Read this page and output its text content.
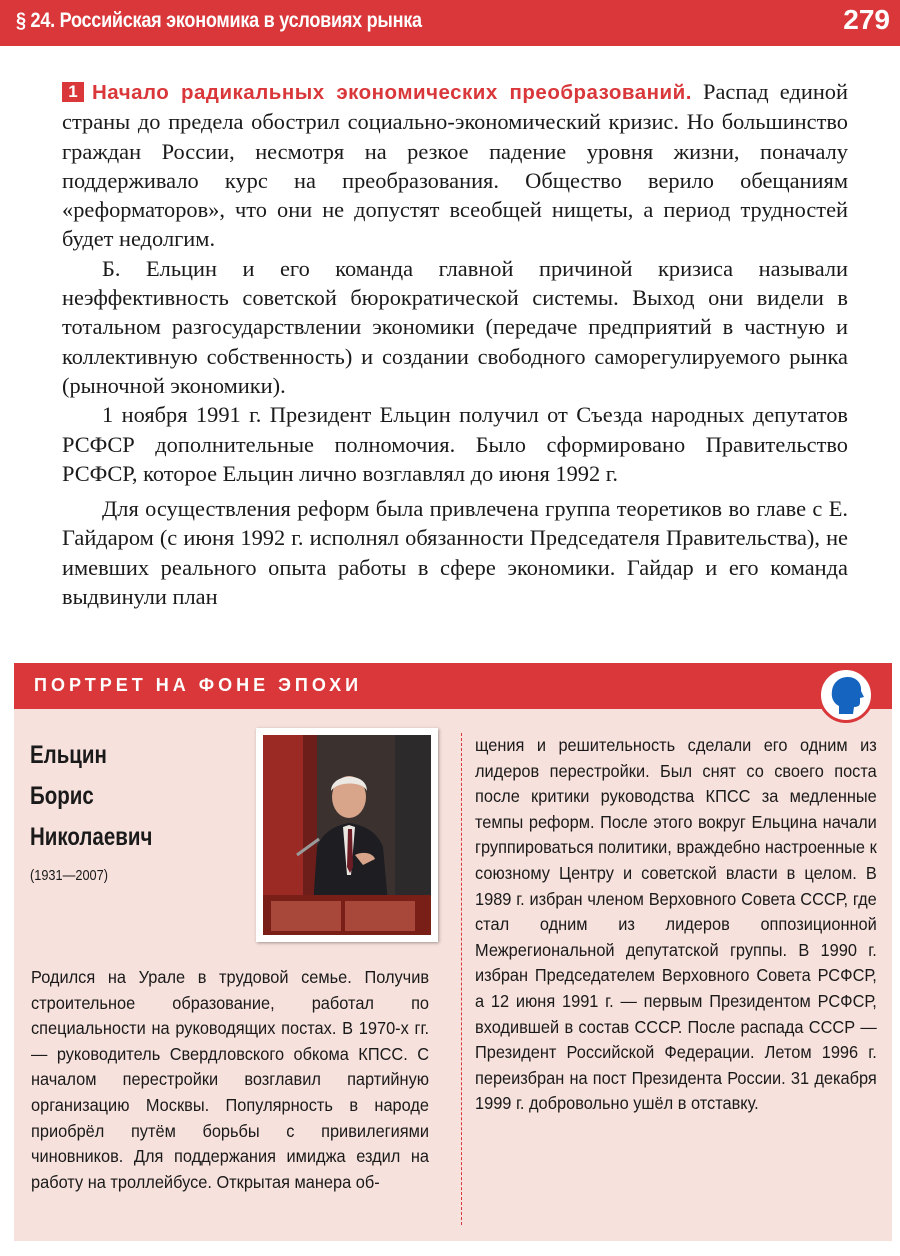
§ 24. Российская экономика в условиях рынка	279

1 Начало радикальных экономических преобразований. Распад единой страны до предела обострил социально-экономический кризис. Но большинство граждан России, несмотря на резкое падение уровня жизни, поначалу поддерживало курс на преобразования. Общество верило обещаниям «реформаторов», что они не допустят всеобщей нищеты, а период трудностей будет недолгим.

Б. Ельцин и его команда главной причиной кризиса называли неэффективность советской бюрократической системы. Выход они видели в тотальном разгосударствлении экономики (передаче предприятий в частную и коллективную собственность) и создании свободного саморегулируемого рынка (рыночной экономики).

1 ноября 1991 г. Президент Ельцин получил от Съезда народных депутатов РСФСР дополнительные полномочия. Было сформировано Правительство РСФСР, которое Ельцин лично возглавлял до июня 1992 г.

Для осуществления реформ была привлечена группа теоретиков во главе с Е. Гайдаром (с июня 1992 г. исполнял обязанности Председателя Правительства), не имевших реального опыта работы в сфере экономики. Гайдар и его команда выдвинули план

ПОРТРЕТ НА ФОНЕ ЭПОХИ
Ельцин
Борис
Николаевич
(1931—2007)
Родился на Урале в трудовой семье. Получив строительное образование, работал по специальности на руководящих постах. В 1970-х гг. — руководитель Свердловского обкома КПСС. С началом перестройки возглавил партийную организацию Москвы. Популярность в народе приобрёл путём борьбы с привилегиями чиновников. Для поддержания имиджа ездил на работу на троллейбусе. Открытая манера об-
щения и решительность сделали его одним из лидеров перестройки. Был снят со своего поста после критики руководства КПСС за медленные темпы реформ. После этого вокруг Ельцина начали группироваться политики, враждебно настроенные к союзному Центру и советской власти в целом. В 1989 г. избран членом Верховного Совета СССР, где стал одним из лидеров оппозиционной Межрегиональной депутатской группы. В 1990 г. избран Председателем Верховного Совета РСФСР, а 12 июня 1991 г. — первым Президентом РСФСР, входившей в состав СССР. После распада СССР — Президент Российской Федерации. Летом 1996 г. переизбран на пост Президента России. 31 декабря 1999 г. добровольно ушёл в отставку.
